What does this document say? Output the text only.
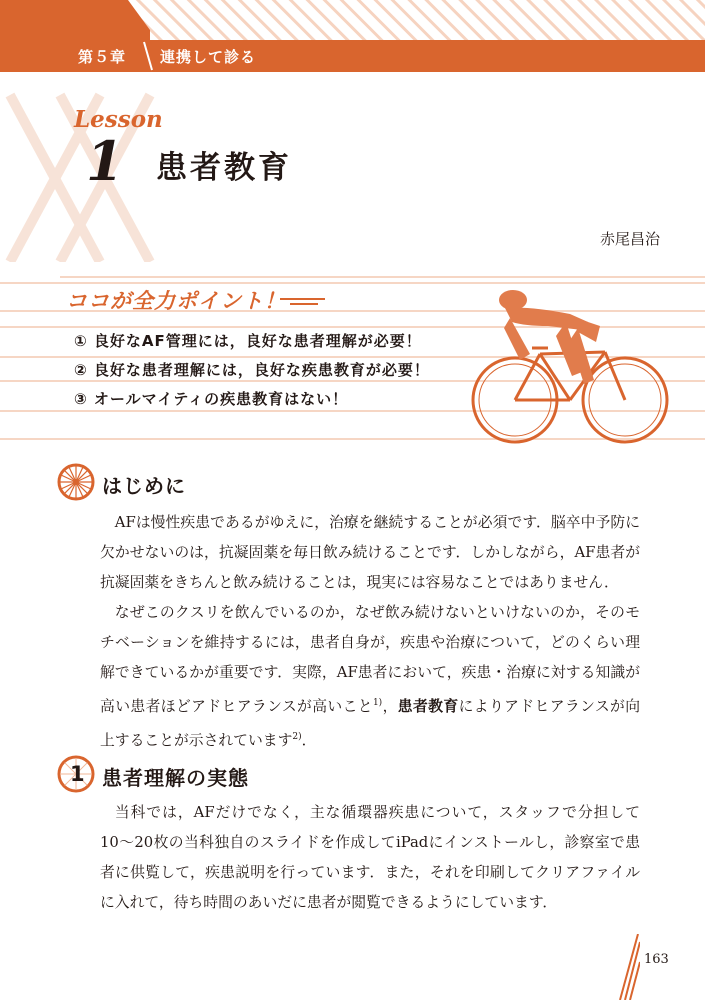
第５章 連携して診る
Lesson
1 患者教育
赤尾昌治
ココが全力ポイント！
① 良好なAF管理には，良好な患者理解が必要！
② 良好な患者理解には，良好な疾患教育が必要！
③ オールマイティの疾患教育はない！
はじめに

AFは慢性疾患であるがゆえに，治療を継続することが必須です．脳卒中予防に欠かせないのは，抗凝固薬を毎日飲み続けることです．しかしながら，AF患者が抗凝固薬をきちんと飲み続けることは，現実には容易なことではありません．

なぜこのクスリを飲んでいるのか，なぜ飲み続けないといけないのか，そのモチベーションを維持するには，患者自身が，疾患や治療について，どのくらい理解できているかが重要です．実際，AF患者において，疾患・治療に対する知識が高い患者ほどアドヒアランスが高いこと$^{1)}$，患者教育によりアドヒアランスが向上することが示されています$^{2)}$．

1 患者理解の実態

当科では，AFだけでなく，主な循環器疾患について，スタッフで分担して10〜20枚の当科独自のスライドを作成してiPadにインストールし，診察室で患者に供覧して，疾患説明を行っています．また，それを印刷してクリアファイルに入れて，待ち時間のあいだに患者が閲覧できるようにしています．

163
